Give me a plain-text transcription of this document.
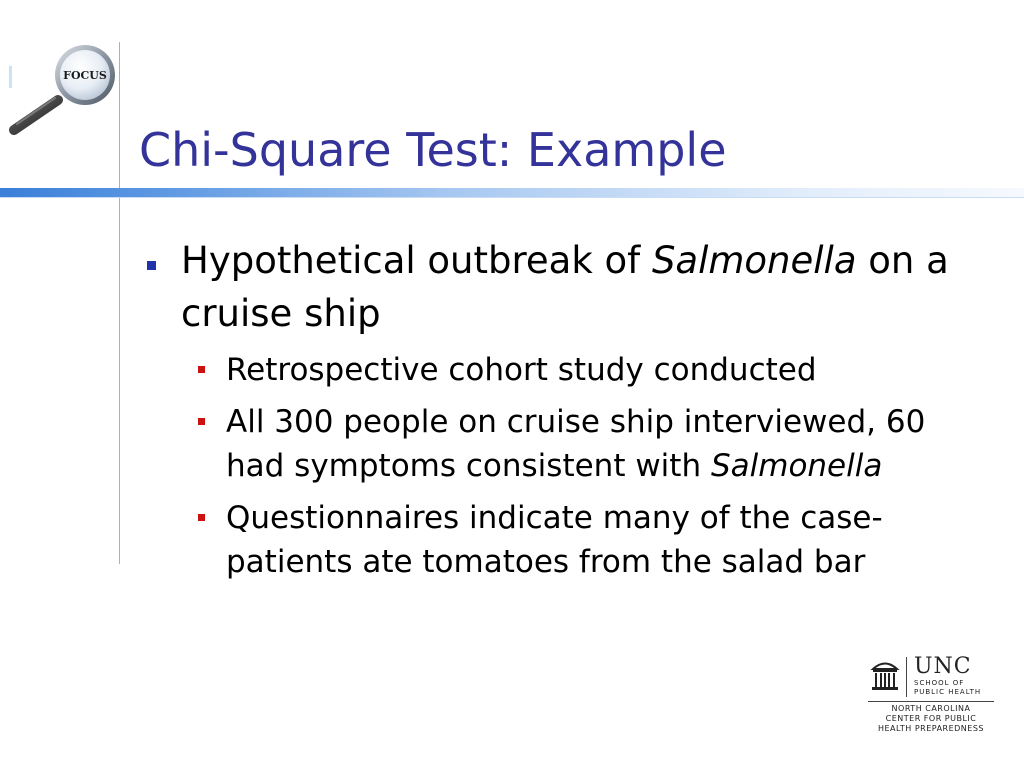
I	FOCUS
Chi-Square Test: Example
Hypothetical outbreak of Salmonella on a cruise ship
Retrospective cohort study conducted
All 300 people on cruise ship interviewed, 60 had symptoms consistent with Salmonella
Questionnaires indicate many of the case-patients ate tomatoes from the salad bar
UNC
SCHOOL OF
PUBLIC HEALTH
NORTH CAROLINA
CENTER FOR PUBLIC
HEALTH PREPAREDNESS
